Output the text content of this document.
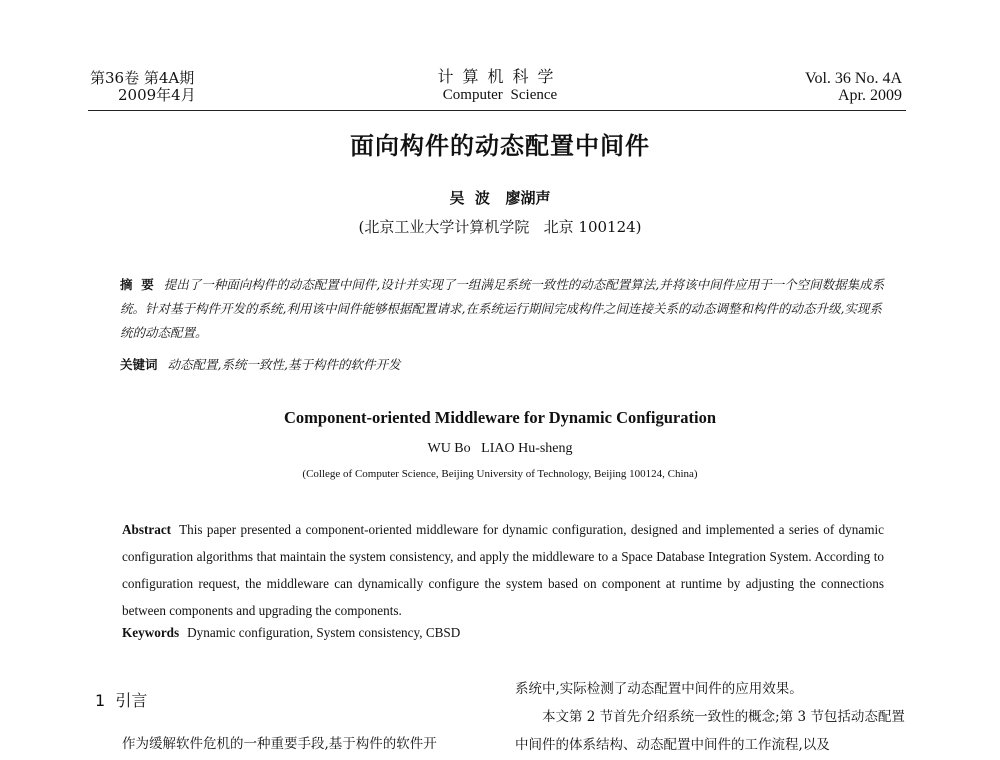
第36卷 第4A期
2009年4月
计算机科学
Computer Science
Vol. 36 No. 4A
Apr. 2009
面向构件的动态配置中间件
吴  波   廖湖声
(北京工业大学计算机学院   北京 100124)
摘  要 提出了一种面向构件的动态配置中间件,设计并实现了一组满足系统一致性的动态配置算法,并将该中间件应用于一个空间数据集成系统。针对基于构件开发的系统,利用该中间件能够根据配置请求,在系统运行期间完成构件之间连接关系的动态调整和构件的动态升级,实现系统的动态配置。
关键词 动态配置,系统一致性,基于构件的软件开发
Component-oriented Middleware for Dynamic Configuration
WU Bo   LIAO Hu-sheng
(College of Computer Science, Beijing University of Technology, Beijing 100124, China)
Abstract This paper presented a component-oriented middleware for dynamic configuration, designed and implemented a series of dynamic configuration algorithms that maintain the system consistency, and apply the middleware to a Space Database Integration System. According to configuration request, the middleware can dynamically configure the system based on component at runtime by adjusting the connections between components and upgrading the components.
Keywords Dynamic configuration, System consistency, CBSD
1  引言
作为缓解软件危机的一种重要手段,基于构件的软件开

系统中,实际检测了动态配置中间件的应用效果。

本文第 2 节首先介绍系统一致性的概念;第 3 节包括动态配置中间件的体系结构、动态配置中间件的工作流程,以及
